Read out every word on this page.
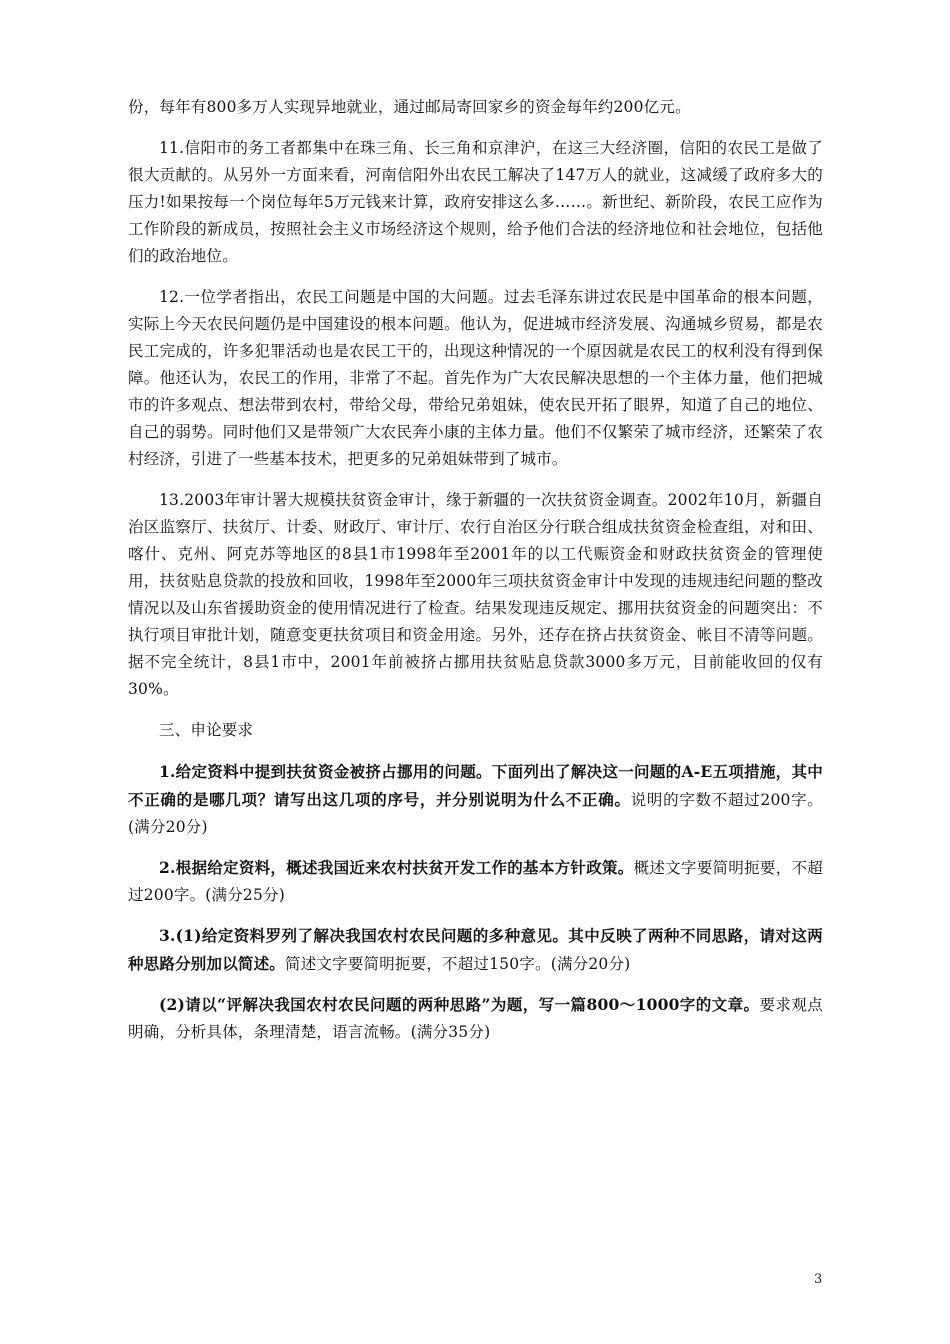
份，每年有800多万人实现异地就业，通过邮局寄回家乡的资金每年约200亿元。

11.信阳市的务工者都集中在珠三角、长三角和京津沪，在这三大经济圈，信阳的农民工是做了很大贡献的。从另外一方面来看，河南信阳外出农民工解决了147万人的就业，这减缓了政府多大的压力!如果按每一个岗位每年5万元钱来计算，政府安排这么多……。新世纪、新阶段，农民工应作为工作阶段的新成员，按照社会主义市场经济这个规则，给予他们合法的经济地位和社会地位，包括他们的政治地位。

12.一位学者指出，农民工问题是中国的大问题。过去毛泽东讲过农民是中国革命的根本问题，实际上今天农民问题仍是中国建设的根本问题。他认为，促进城市经济发展、沟通城乡贸易，都是农民工完成的，许多犯罪活动也是农民工干的，出现这种情况的一个原因就是农民工的权利没有得到保障。他还认为，农民工的作用，非常了不起。首先作为广大农民解决思想的一个主体力量，他们把城市的许多观点、想法带到农村，带给父母，带给兄弟姐妹，使农民开拓了眼界，知道了自己的地位、自己的弱势。同时他们又是带领广大农民奔小康的主体力量。他们不仅繁荣了城市经济，还繁荣了农村经济，引进了一些基本技术，把更多的兄弟姐妹带到了城市。

13.2003年审计署大规模扶贫资金审计，缘于新疆的一次扶贫资金调查。2002年10月，新疆自治区监察厅、扶贫厅、计委、财政厅、审计厅、农行自治区分行联合组成扶贫资金检查组，对和田、喀什、克州、阿克苏等地区的8县1市1998年至2001年的以工代赈资金和财政扶贫资金的管理使用，扶贫贴息贷款的投放和回收，1998年至2000年三项扶贫资金审计中发现的违规违纪问题的整改情况以及山东省援助资金的使用情况进行了检查。结果发现违反规定、挪用扶贫资金的问题突出：不执行项目审批计划，随意变更扶贫项目和资金用途。另外，还存在挤占扶贫资金、帐目不清等问题。据不完全统计，8县1市中，2001年前被挤占挪用扶贫贴息贷款3000多万元，目前能收回的仅有30%。

三、申论要求

1.给定资料中提到扶贫资金被挤占挪用的问题。下面列出了解决这一问题的A-E五项措施，其中不正确的是哪几项？请写出这几项的序号，并分别说明为什么不正确。说明的字数不超过200字。(满分20分)

2.根据给定资料，概述我国近来农村扶贫开发工作的基本方针政策。概述文字要简明扼要，不超过200字。(满分25分)

3.(1)给定资料罗列了解决我国农村农民问题的多种意见。其中反映了两种不同思路，请对这两种思路分别加以简述。简述文字要简明扼要，不超过150字。(满分20分)

(2)请以“评解决我国农村农民问题的两种思路”为题，写一篇800～1000字的文章。要求观点明确，分析具体，条理清楚，语言流畅。(满分35分)

3
